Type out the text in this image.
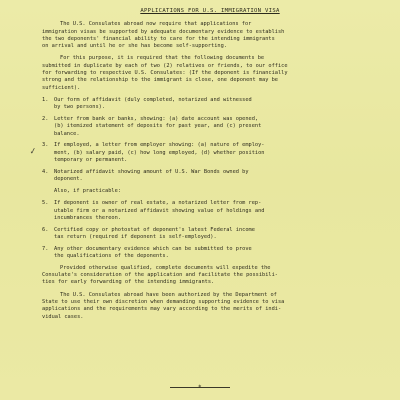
APPLICATIONS FOR U.S. IMMIGRATION VISA
The U.S. Consulates abroad now require that applications for
immigration visas be supported by adequate documentary evidence to establish
the two deponents' financial ability to care for the intending immigrants
on arrival and until he or she has become self-supporting.
For this purpose, it is required that the following documents be
submitted in duplicate by each of two (2) relatives or friends, to our office
for forwarding to respective U.S. Consulates: (If the deponent is financially
strong and the relationship to the immigrant is close, one deponent may be
sufficient).
1.	Our form of affidavit (duly completed, notarized and witnessed
by two persons).
2.	Letter from bank or banks, showing: (a) date account was opened,
(b) itemized statement of deposits for past year, and (c) present
balance.
3.	If employed, a letter from employer showing: (a) nature of employ-
ment, (b) salary paid, (c) how long employed, (d) whether position
temporary or permanent.
4.	Notarized affidavit showing amount of U.S. War Bonds owned by
deponent.
Also, if practicable:
5.	If deponent is owner of real estate, a notarized letter from rep-
utable firm or a notarized affidavit showing value of holdings and
incumbrances thereon.
6.	Certified copy or photostat of deponent's latest Federal income
tax return (required if deponent is self-employed).
7.	Any other documentary evidence which can be submitted to prove
the qualifications of the deponents.
Provided otherwise qualified, complete documents will expedite the
Consulate's consideration of the application and facilitate the possibili-
ties for early forwarding of the intending immigrants.
The U.S. Consulates abroad have been authorized by the Department of
State to use their own discretion when demanding supporting evidence to visa
applications and the requirements may vary according to the merits of indi-
vidual cases.
✓
*
